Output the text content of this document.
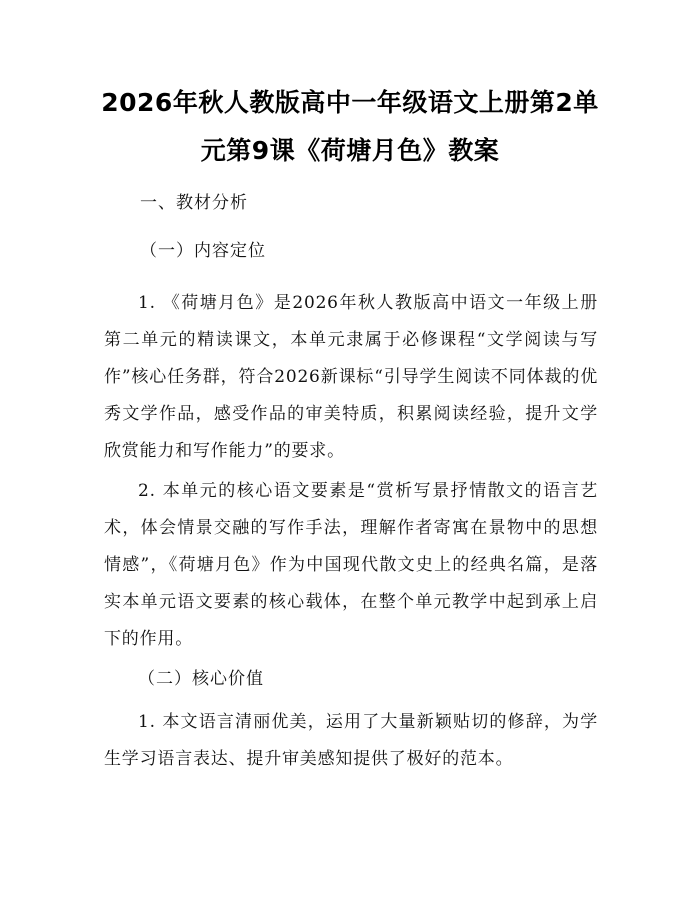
2026年秋人教版高中一年级语文上册第2单
元第9课《荷塘月色》教案
一、教材分析
（一）内容定位

1. 《荷塘月色》是2026年秋人教版高中语文一年级上册第二单元的精读课文，本单元隶属于必修课程“文学阅读与写作”核心任务群，符合2026新课标“引导学生阅读不同体裁的优秀文学作品，感受作品的审美特质，积累阅读经验，提升文学欣赏能力和写作能力”的要求。

2. 本单元的核心语文要素是“赏析写景抒情散文的语言艺术，体会情景交融的写作手法，理解作者寄寓在景物中的思想情感”，《荷塘月色》作为中国现代散文史上的经典名篇，是落实本单元语文要素的核心载体，在整个单元教学中起到承上启下的作用。

（二）核心价值

1. 本文语言清丽优美，运用了大量新颖贴切的修辞，为学生学习语言表达、提升审美感知提供了极好的范本。
